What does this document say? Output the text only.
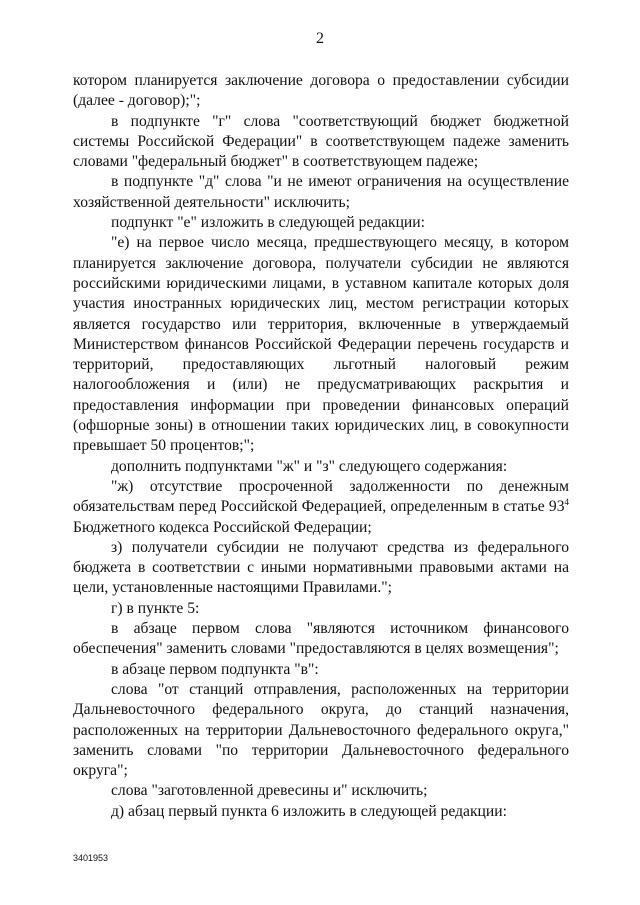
2

котором планируется заключение договора о предоставлении субсидии (далее - договор);";

в подпункте "г" слова "соответствующий бюджет бюджетной системы Российской Федерации" в соответствующем падеже заменить словами "федеральный бюджет" в соответствующем падеже;

в подпункте "д" слова "и не имеют ограничения на осуществление хозяйственной деятельности" исключить;

подпункт "е" изложить в следующей редакции:

"е) на первое число месяца, предшествующего месяцу, в котором планируется заключение договора, получатели субсидии не являются российскими юридическими лицами, в уставном капитале которых доля участия иностранных юридических лиц, местом регистрации которых является государство или территория, включенные в утверждаемый Министерством финансов Российской Федерации перечень государств и территорий, предоставляющих льготный налоговый режим налогообложения и (или) не предусматривающих раскрытия и предоставления информации при проведении финансовых операций (офшорные зоны) в отношении таких юридических лиц, в совокупности превышает 50 процентов;";

дополнить подпунктами "ж" и "з" следующего содержания:

"ж) отсутствие просроченной задолженности по денежным обязательствам перед Российской Федерацией, определенным в статье $93^4$ Бюджетного кодекса Российской Федерации;

з) получатели субсидии не получают средства из федерального бюджета в соответствии с иными нормативными правовыми актами на цели, установленные настоящими Правилами.";

г) в пункте 5:

в абзаце первом слова "являются источником финансового обеспечения" заменить словами "предоставляются в целях возмещения";

в абзаце первом подпункта "в":

слова "от станций отправления, расположенных на территории Дальневосточного федерального округа, до станций назначения, расположенных на территории Дальневосточного федерального округа," заменить словами "по территории Дальневосточного федерального округа";

слова "заготовленной древесины и" исключить;

д) абзац первый пункта 6 изложить в следующей редакции:

3401953
